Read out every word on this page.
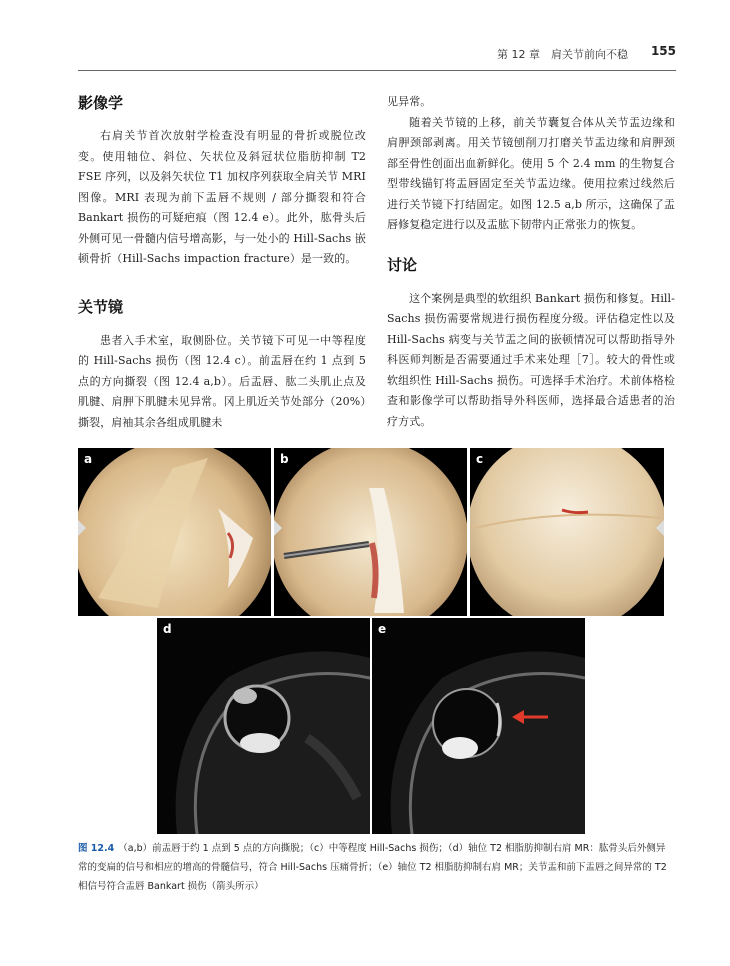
第 12 章　肩关节前向不稳 155
影像学

右肩关节首次放射学检查没有明显的骨折或脱位改变。使用轴位、斜位、矢状位及斜冠状位脂肪抑制 T2 FSE 序列，以及斜矢状位 T1 加权序列获取全肩关节 MRI 图像。MRI 表现为前下盂唇不规则 / 部分撕裂和符合 Bankart 损伤的可疑疤痕（图 12.4 e）。此外，肱骨头后外侧可见一骨髓内信号增高影，与一处小的 Hill-Sachs 嵌顿骨折（Hill-Sachs impaction fracture）是一致的。

关节镜

患者入手术室，取侧卧位。关节镜下可见一中等程度的 Hill-Sachs 损伤（图 12.4 c）。前盂唇在约 1 点到 5 点的方向撕裂（图 12.4 a,b）。后盂唇、肱二头肌止点及肌腱、肩胛下肌腱未见异常。冈上肌近关节处部分（20%）撕裂，肩袖其余各组成肌腱未

见异常。

随着关节镜的上移，前关节囊复合体从关节盂边缘和肩胛颈部剥离。用关节镜刨削刀打磨关节盂边缘和肩胛颈部至骨性创面出血新鲜化。使用 5 个 2.4 mm 的生物复合型带线锚钉将盂唇固定至关节盂边缘。使用拉索过线然后进行关节镜下打结固定。如图 12.5 a,b 所示，这确保了盂唇修复稳定进行以及盂肱下韧带内正常张力的恢复。

讨论

这个案例是典型的软组织 Bankart 损伤和修复。Hill-Sachs 损伤需要常规进行损伤程度分级。评估稳定性以及 Hill-Sachs 病变与关节盂之间的嵌顿情况可以帮助指导外科医师判断是否需要通过手术来处理［7］。较大的骨性或软组织性 Hill-Sachs 损伤。可选择手术治疗。术前体格检查和影像学可以帮助指导外科医师，选择最合适患者的治疗方式。

a	b	c
d	e
图 12.4 （a,b）前盂唇于约 1 点到 5 点的方向撕脱；（c）中等程度 Hill-Sachs 损伤；（d）轴位 T2 相脂肪抑制右肩 MR：肱骨头后外侧异常的变扁的信号和相应的增高的骨髓信号，符合 Hill-Sachs 压痛骨折；（e）轴位 T2 相脂肪抑制右肩 MR；关节盂和前下盂唇之间异常的 T2 相信号符合盂唇 Bankart 损伤（箭头所示）
